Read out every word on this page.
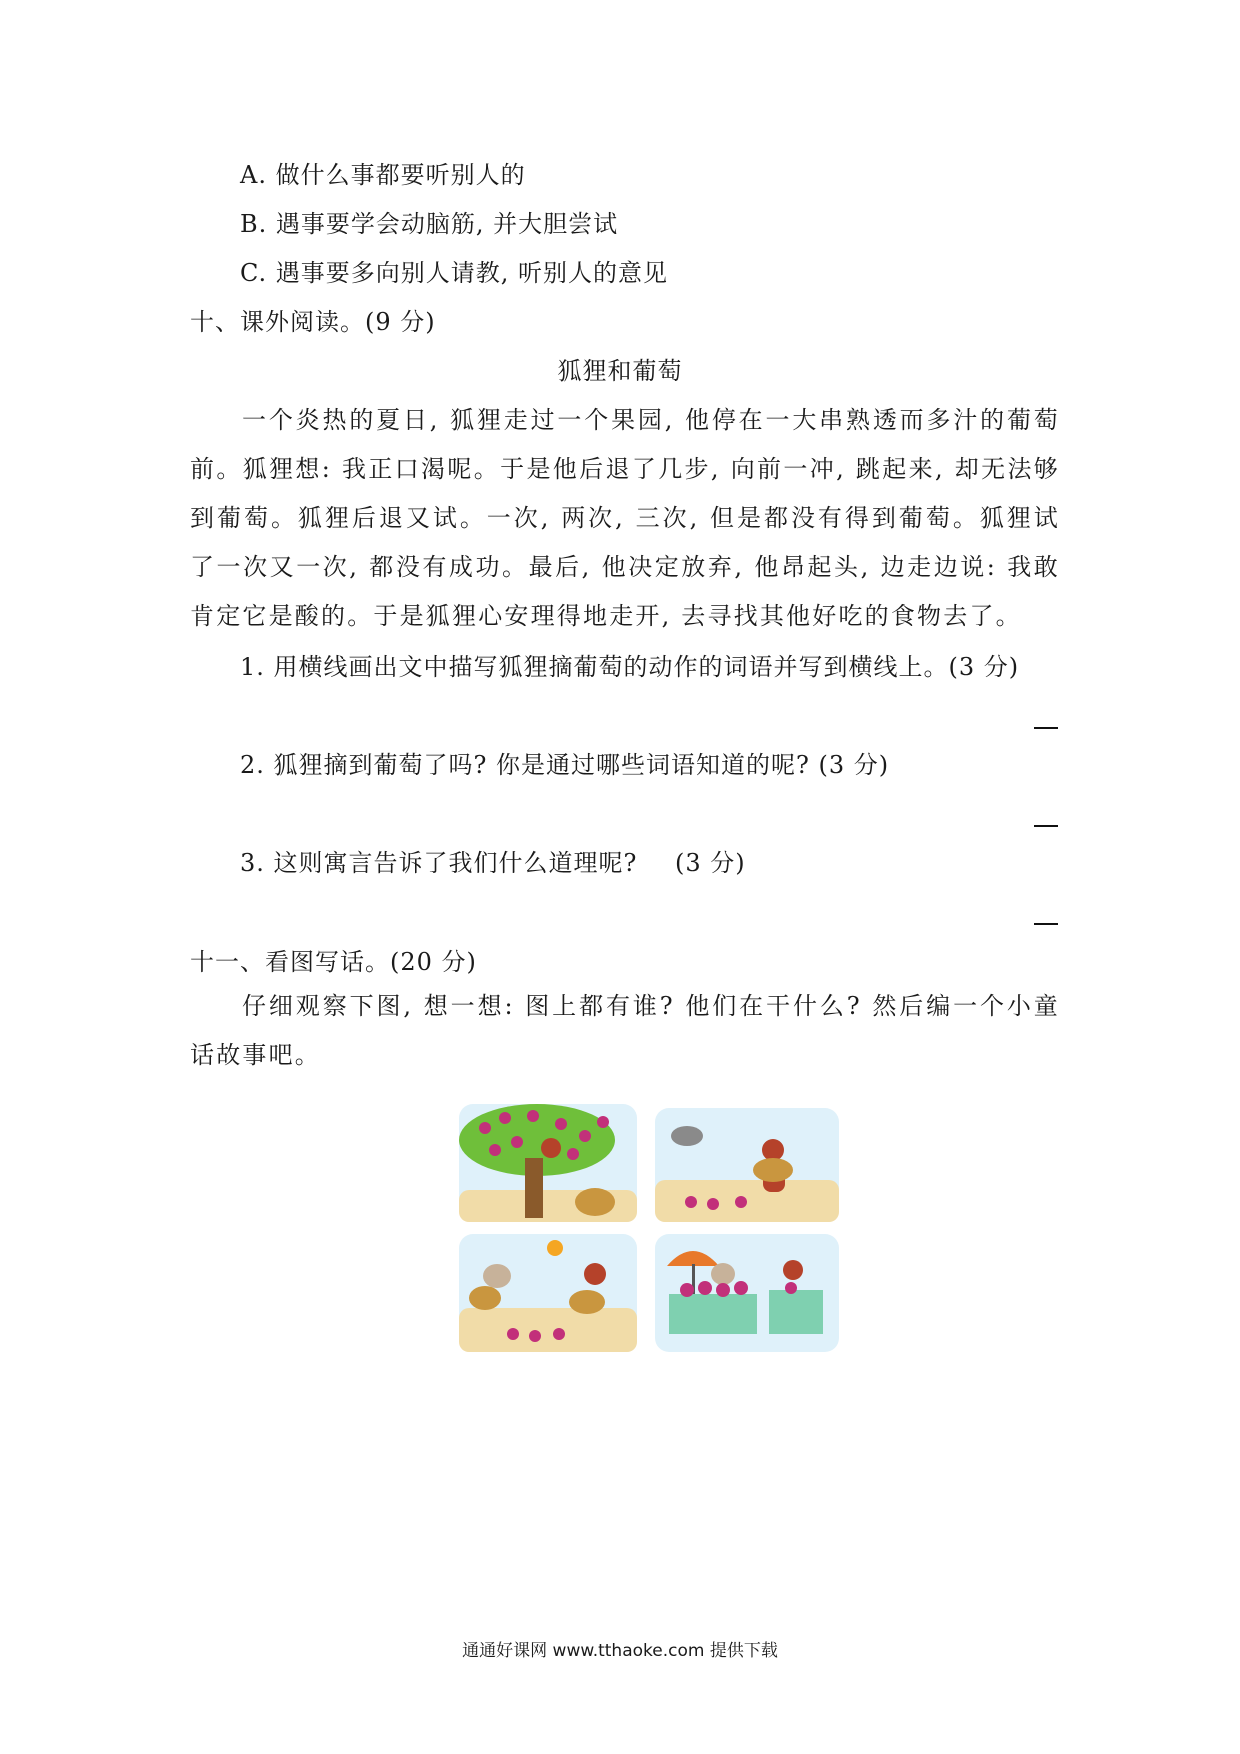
A. 做什么事都要听别人的
B. 遇事要学会动脑筋, 并大胆尝试
C. 遇事要多向别人请教, 听别人的意见
十、课外阅读。(9 分)
狐狸和葡萄
一个炎热的夏日, 狐狸走过一个果园, 他停在一大串熟透而多汁的葡萄前。狐狸想: 我正口渴呢。于是他后退了几步, 向前一冲, 跳起来, 却无法够到葡萄。狐狸后退又试。一次, 两次, 三次, 但是都没有得到葡萄。狐狸试了一次又一次, 都没有成功。最后, 他决定放弃, 他昂起头, 边走边说: 我敢肯定它是酸的。于是狐狸心安理得地走开, 去寻找其他好吃的食物去了。
1. 用横线画出文中描写狐狸摘葡萄的动作的词语并写到横线上。(3 分)
2. 狐狸摘到葡萄了吗? 你是通过哪些词语知道的呢? (3 分)
3. 这则寓言告诉了我们什么道理呢? (3 分)
十一、看图写话。(20 分)
仔细观察下图, 想一想: 图上都有谁? 他们在干什么? 然后编一个小童话故事吧。
通通好课网 www.tthaoke.com 提供下载
